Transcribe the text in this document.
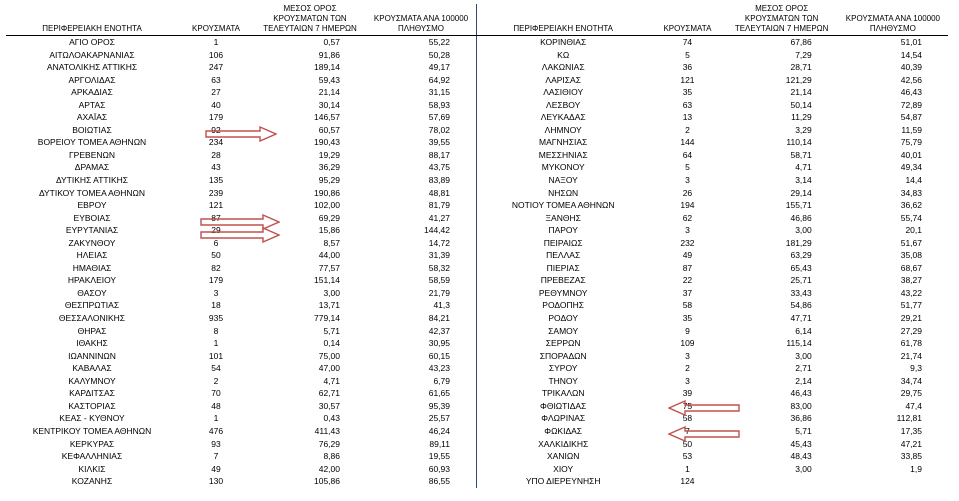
ΠΕΡΙΦΕΡΕΙΑΚΗ ΕΝΟΤΗΤΑ	ΚΡΟΥΣΜΑΤΑ	ΜΕΣΟΣ ΟΡΟΣ
ΚΡΟΥΣΜΑΤΩΝ ΤΩΝ
ΤΕΛΕΥΤΑΙΩΝ 7 ΗΜΕΡΩΝ	ΚΡΟΥΣΜΑΤΑ ΑΝΑ 100000
ΠΛΗΘΥΣΜΟ

ΑΓΙΟ ΟΡΟΣ	1	0,57	55,22
ΑΙΤΩΛΟΑΚΑΡΝΑΝΙΑΣ	106	91,86	50,28
ΑΝΑΤΟΛΙΚΗΣ ΑΤΤΙΚΗΣ	247	189,14	49,17
ΑΡΓΟΛΙΔΑΣ	63	59,43	64,92
ΑΡΚΑΔΙΑΣ	27	21,14	31,15
ΑΡΤΑΣ	40	30,14	58,93
ΑΧΑΪΑΣ	179	146,57	57,69
ΒΟΙΩΤΙΑΣ	92	60,57	78,02
ΒΟΡΕΙΟΥ ΤΟΜΕΑ ΑΘΗΝΩΝ	234	190,43	39,55
ΓΡΕΒΕΝΩΝ	28	19,29	88,17
ΔΡΑΜΑΣ	43	36,29	43,75
ΔΥΤΙΚΗΣ ΑΤΤΙΚΗΣ	135	95,29	83,89
ΔΥΤΙΚΟΥ ΤΟΜΕΑ ΑΘΗΝΩΝ	239	190,86	48,81
ΕΒΡΟΥ	121	102,00	81,79
ΕΥΒΟΙΑΣ	87	69,29	41,27
ΕΥΡΥΤΑΝΙΑΣ	29	15,86	144,42
ΖΑΚΥΝΘΟΥ	6	8,57	14,72
ΗΛΕΙΑΣ	50	44,00	31,39
ΗΜΑΘΙΑΣ	82	77,57	58,32
ΗΡΑΚΛΕΙΟΥ	179	151,14	58,59
ΘΑΣΟΥ	3	3,00	21,79
ΘΕΣΠΡΩΤΙΑΣ	18	13,71	41,3
ΘΕΣΣΑΛΟΝΙΚΗΣ	935	779,14	84,21
ΘΗΡΑΣ	8	5,71	42,37
ΙΘΑΚΗΣ	1	0,14	30,95
ΙΩΑΝΝΙΝΩΝ	101	75,00	60,15
ΚΑΒΑΛΑΣ	54	47,00	43,23
ΚΑΛΥΜΝΟΥ	2	4,71	6,79
ΚΑΡΔΙΤΣΑΣ	70	62,71	61,65
ΚΑΣΤΟΡΙΑΣ	48	30,57	95,39
ΚΕΑΣ - ΚΥΘΝΟΥ	1	0,43	25,57
ΚΕΝΤΡΙΚΟΥ ΤΟΜΕΑ ΑΘΗΝΩΝ	476	411,43	46,24
ΚΕΡΚΥΡΑΣ	93	76,29	89,11
ΚΕΦΑΛΛΗΝΙΑΣ	7	8,86	19,55
ΚΙΛΚΙΣ	49	42,00	60,93
ΚΟΖΑΝΗΣ	130	105,86	86,55
ΠΕΡΙΦΕΡΕΙΑΚΗ ΕΝΟΤΗΤΑ	ΚΡΟΥΣΜΑΤΑ	ΜΕΣΟΣ ΟΡΟΣ
ΚΡΟΥΣΜΑΤΩΝ ΤΩΝ
ΤΕΛΕΥΤΑΙΩΝ 7 ΗΜΕΡΩΝ	ΚΡΟΥΣΜΑΤΑ ΑΝΑ 100000
ΠΛΗΘΥΣΜΟ

ΚΟΡΙΝΘΙΑΣ	74	67,86	51,01
ΚΩ	5	7,29	14,54
ΛΑΚΩΝΙΑΣ	36	28,71	40,39
ΛΑΡΙΣΑΣ	121	121,29	42,56
ΛΑΣΙΘΙΟΥ	35	21,14	46,43
ΛΕΣΒΟΥ	63	50,14	72,89
ΛΕΥΚΑΔΑΣ	13	11,29	54,87
ΛΗΜΝΟΥ	2	3,29	11,59
ΜΑΓΝΗΣΙΑΣ	144	110,14	75,79
ΜΕΣΣΗΝΙΑΣ	64	58,71	40,01
ΜΥΚΟΝΟΥ	5	4,71	49,34
ΝΑΞΟΥ	3	3,14	14,4
ΝΗΣΩΝ	26	29,14	34,83
ΝΟΤΙΟΥ ΤΟΜΕΑ ΑΘΗΝΩΝ	194	155,71	36,62
ΞΑΝΘΗΣ	62	46,86	55,74
ΠΑΡΟΥ	3	3,00	20,1
ΠΕΙΡΑΙΩΣ	232	181,29	51,67
ΠΕΛΛΑΣ	49	63,29	35,08
ΠΙΕΡΙΑΣ	87	65,43	68,67
ΠΡΕΒΕΖΑΣ	22	25,71	38,27
ΡΕΘΥΜΝΟΥ	37	33,43	43,22
ΡΟΔΟΠΗΣ	58	54,86	51,77
ΡΟΔΟΥ	35	47,71	29,21
ΣΑΜΟΥ	9	6,14	27,29
ΣΕΡΡΩΝ	109	115,14	61,78
ΣΠΟΡΑΔΩΝ	3	3,00	21,74
ΣΥΡΟΥ	2	2,71	9,3
ΤΗΝΟΥ	3	2,14	34,74
ΤΡΙΚΑΛΩΝ	39	46,43	29,75
ΦΘΙΩΤΙΔΑΣ	75	83,00	47,4
ΦΛΩΡΙΝΑΣ	58	36,86	112,81
ΦΩΚΙΔΑΣ	7	5,71	17,35
ΧΑΛΚΙΔΙΚΗΣ	50	45,43	47,21
ΧΑΝΙΩΝ	53	48,43	33,85
ΧΙΟΥ	1	3,00	1,9
ΥΠΟ ΔΙΕΡΕΥΝΗΣΗ	124		
